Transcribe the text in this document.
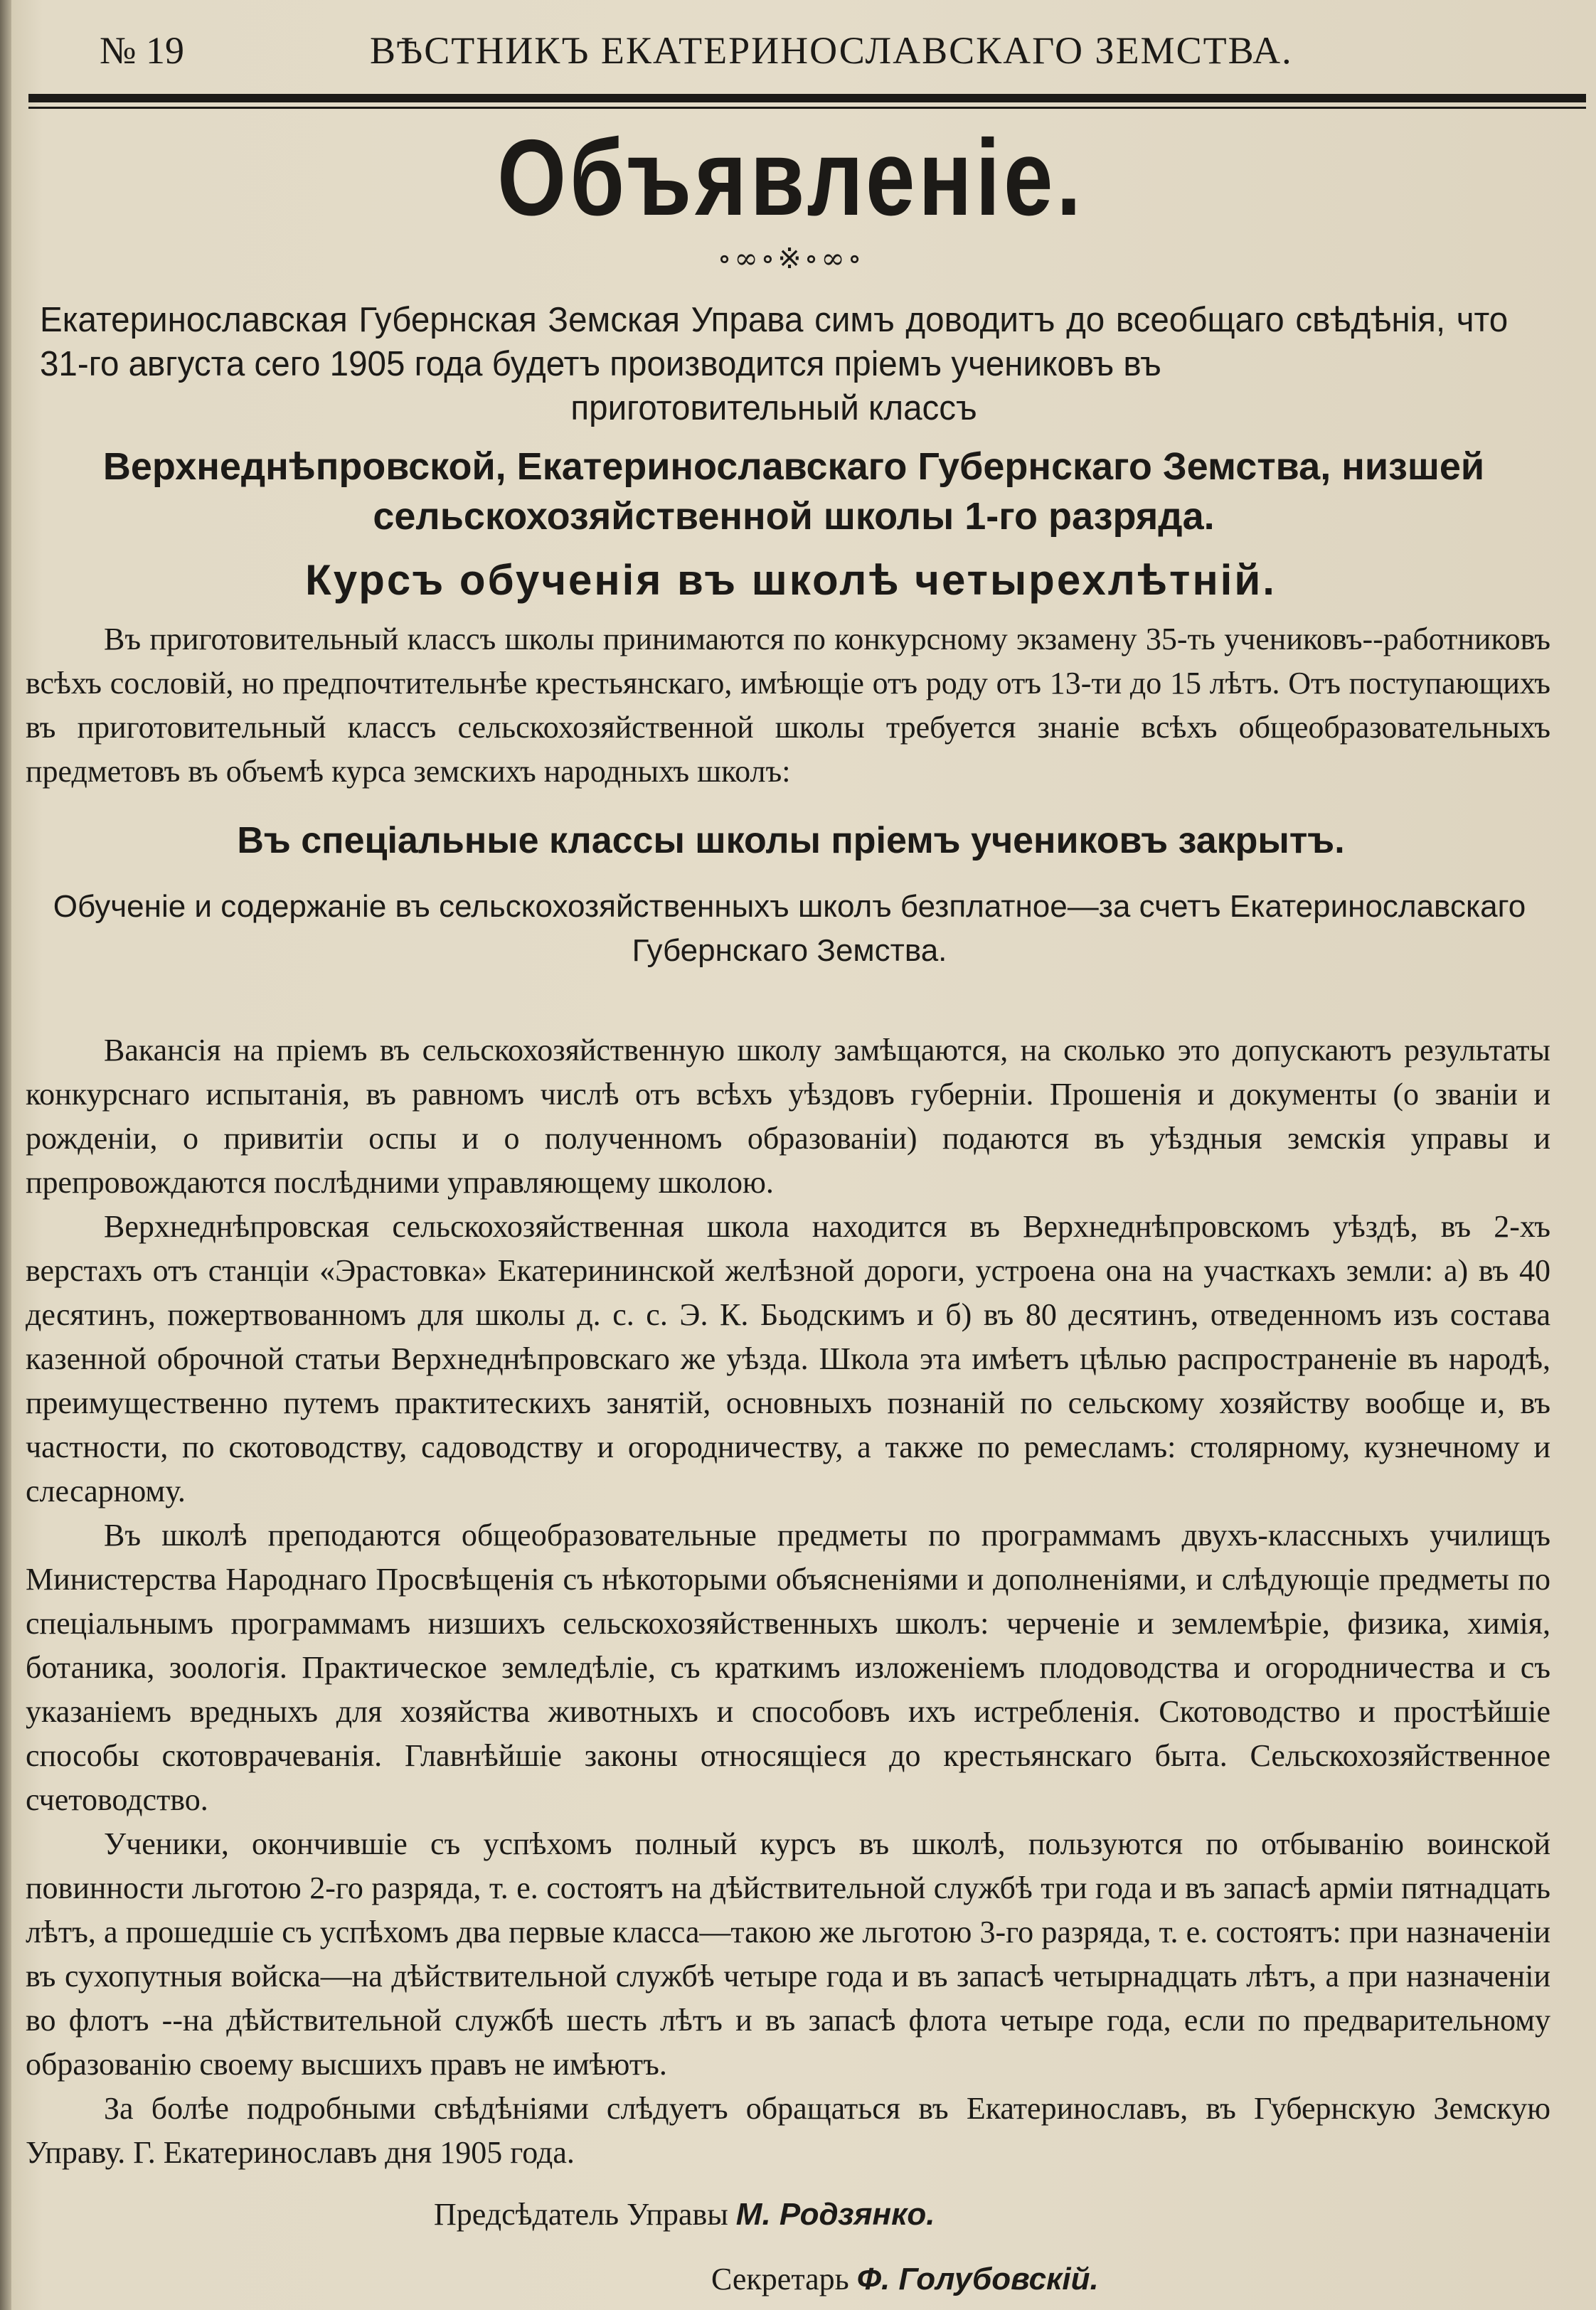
№ 19	ВѢСТНИКЪ ЕКАТЕРИНОСЛАВСКАГО ЗЕМСТВА.
Объявленіе.
∘∞∘※∘∞∘
Екатеринославская Губернская Земская Управа симъ доводитъ до всеобщаго свѣдѣнія, что 31-го августа сего 1905 года будетъ производится пріемъ учениковъ въ
приготовительный классъ
Верхнеднѣпровской, Екатеринославскаго Губернскаго Земства, низшей сельскохозяйственной школы 1-го разряда.
Курсъ обученія въ школѣ четырехлѣтній.

Въ приготовительный классъ школы принимаются по конкурсному экзамену 35-ть учениковъ--работниковъ всѣхъ сословій, но предпочтительнѣе крестьянскаго, имѣющіе отъ роду отъ 13-ти до 15 лѣтъ. Отъ поступающихъ въ приготовительный классъ сельскохозяйственной школы требуется знаніе всѣхъ общеобразовательныхъ предметовъ въ объемѣ курса земскихъ народныхъ школъ:

Въ спеціальные классы школы пріемъ учениковъ закрытъ.
Обученіе и содержаніе въ сельскохозяйственныхъ школъ безплатное—за счетъ Екатеринославскаго Губернскаго Земства.

Вакансія на пріемъ въ сельскохозяйственную школу замѣщаются, на сколько это допускаютъ результаты конкурснаго испытанія, въ равномъ числѣ отъ всѣхъ уѣздовъ губерніи. Прошенія и документы (о званіи и рожденіи, о привитіи оспы и о полученномъ образованіи) подаются въ уѣздныя земскія управы и препровождаются послѣдними управляющему школою.

Верхнеднѣпровская сельскохозяйственная школа находится въ Верхнеднѣпровскомъ уѣздѣ, въ 2-хъ верстахъ отъ станціи «Эрастовка» Екатерининской желѣзной дороги, устроена она на участкахъ земли: а) въ 40 десятинъ, пожертвованномъ для школы д. с. с. Э. К. Бьодскимъ и б) въ 80 десятинъ, отведенномъ изъ состава казенной оброчной статьи Верхнеднѣпровскаго же уѣзда. Школа эта имѣетъ цѣлью распространеніе въ народѣ, преимущественно путемъ практитескихъ занятій, основныхъ познаній по сельскому хозяйству вообще и, въ частности, по скотоводству, садоводству и огородничеству, а также по ремесламъ: столярному, кузнечному и слесарному.

Въ школѣ преподаются общеобразовательные предметы по программамъ двухъ-классныхъ училищъ Министерства Народнаго Просвѣщенія съ нѣкоторыми объясненіями и дополненіями, и слѣдующіе предметы по спеціальнымъ программамъ низшихъ сельскохозяйственныхъ школъ: черченіе и землемѣріе, физика, химія, ботаника, зоологія. Практическое земледѣліе, съ краткимъ изложеніемъ плодоводства и огородничества и съ указаніемъ вредныхъ для хозяйства животныхъ и способовъ ихъ истребленія. Скотоводство и простѣйшіе способы скотоврачеванія. Главнѣйшіе законы относящіеся до крестьянскаго быта. Сельскохозяйственное счетоводство.

Ученики, окончившіе съ успѣхомъ полный курсъ въ школѣ, пользуются по отбыванію воинской повинности льготою 2-го разряда, т. е. состоятъ на дѣйствительной службѣ три года и въ запасѣ арміи пятнадцать лѣтъ, а прошедшіе съ успѣхомъ два первые класса—такою же льготою 3-го разряда, т. е. состоятъ: при назначеніи въ сухопутныя войска—на дѣйствительной службѣ четыре года и въ запасѣ четырнадцать лѣтъ, а при назначеніи во флотъ --на дѣйствительной службѣ шесть лѣтъ и въ запасѣ флота четыре года, если по предварительному образованію своему высшихъ правъ не имѣютъ.

За болѣе подробными свѣдѣніями слѣдуетъ обращаться въ Екатеринославъ, въ Губернскую Земскую Управу. Г. Екатеринославъ дня 1905 года.

Предсѣдатель Управы М. Родзянко.
Секретарь Ф. Голубовскій.
